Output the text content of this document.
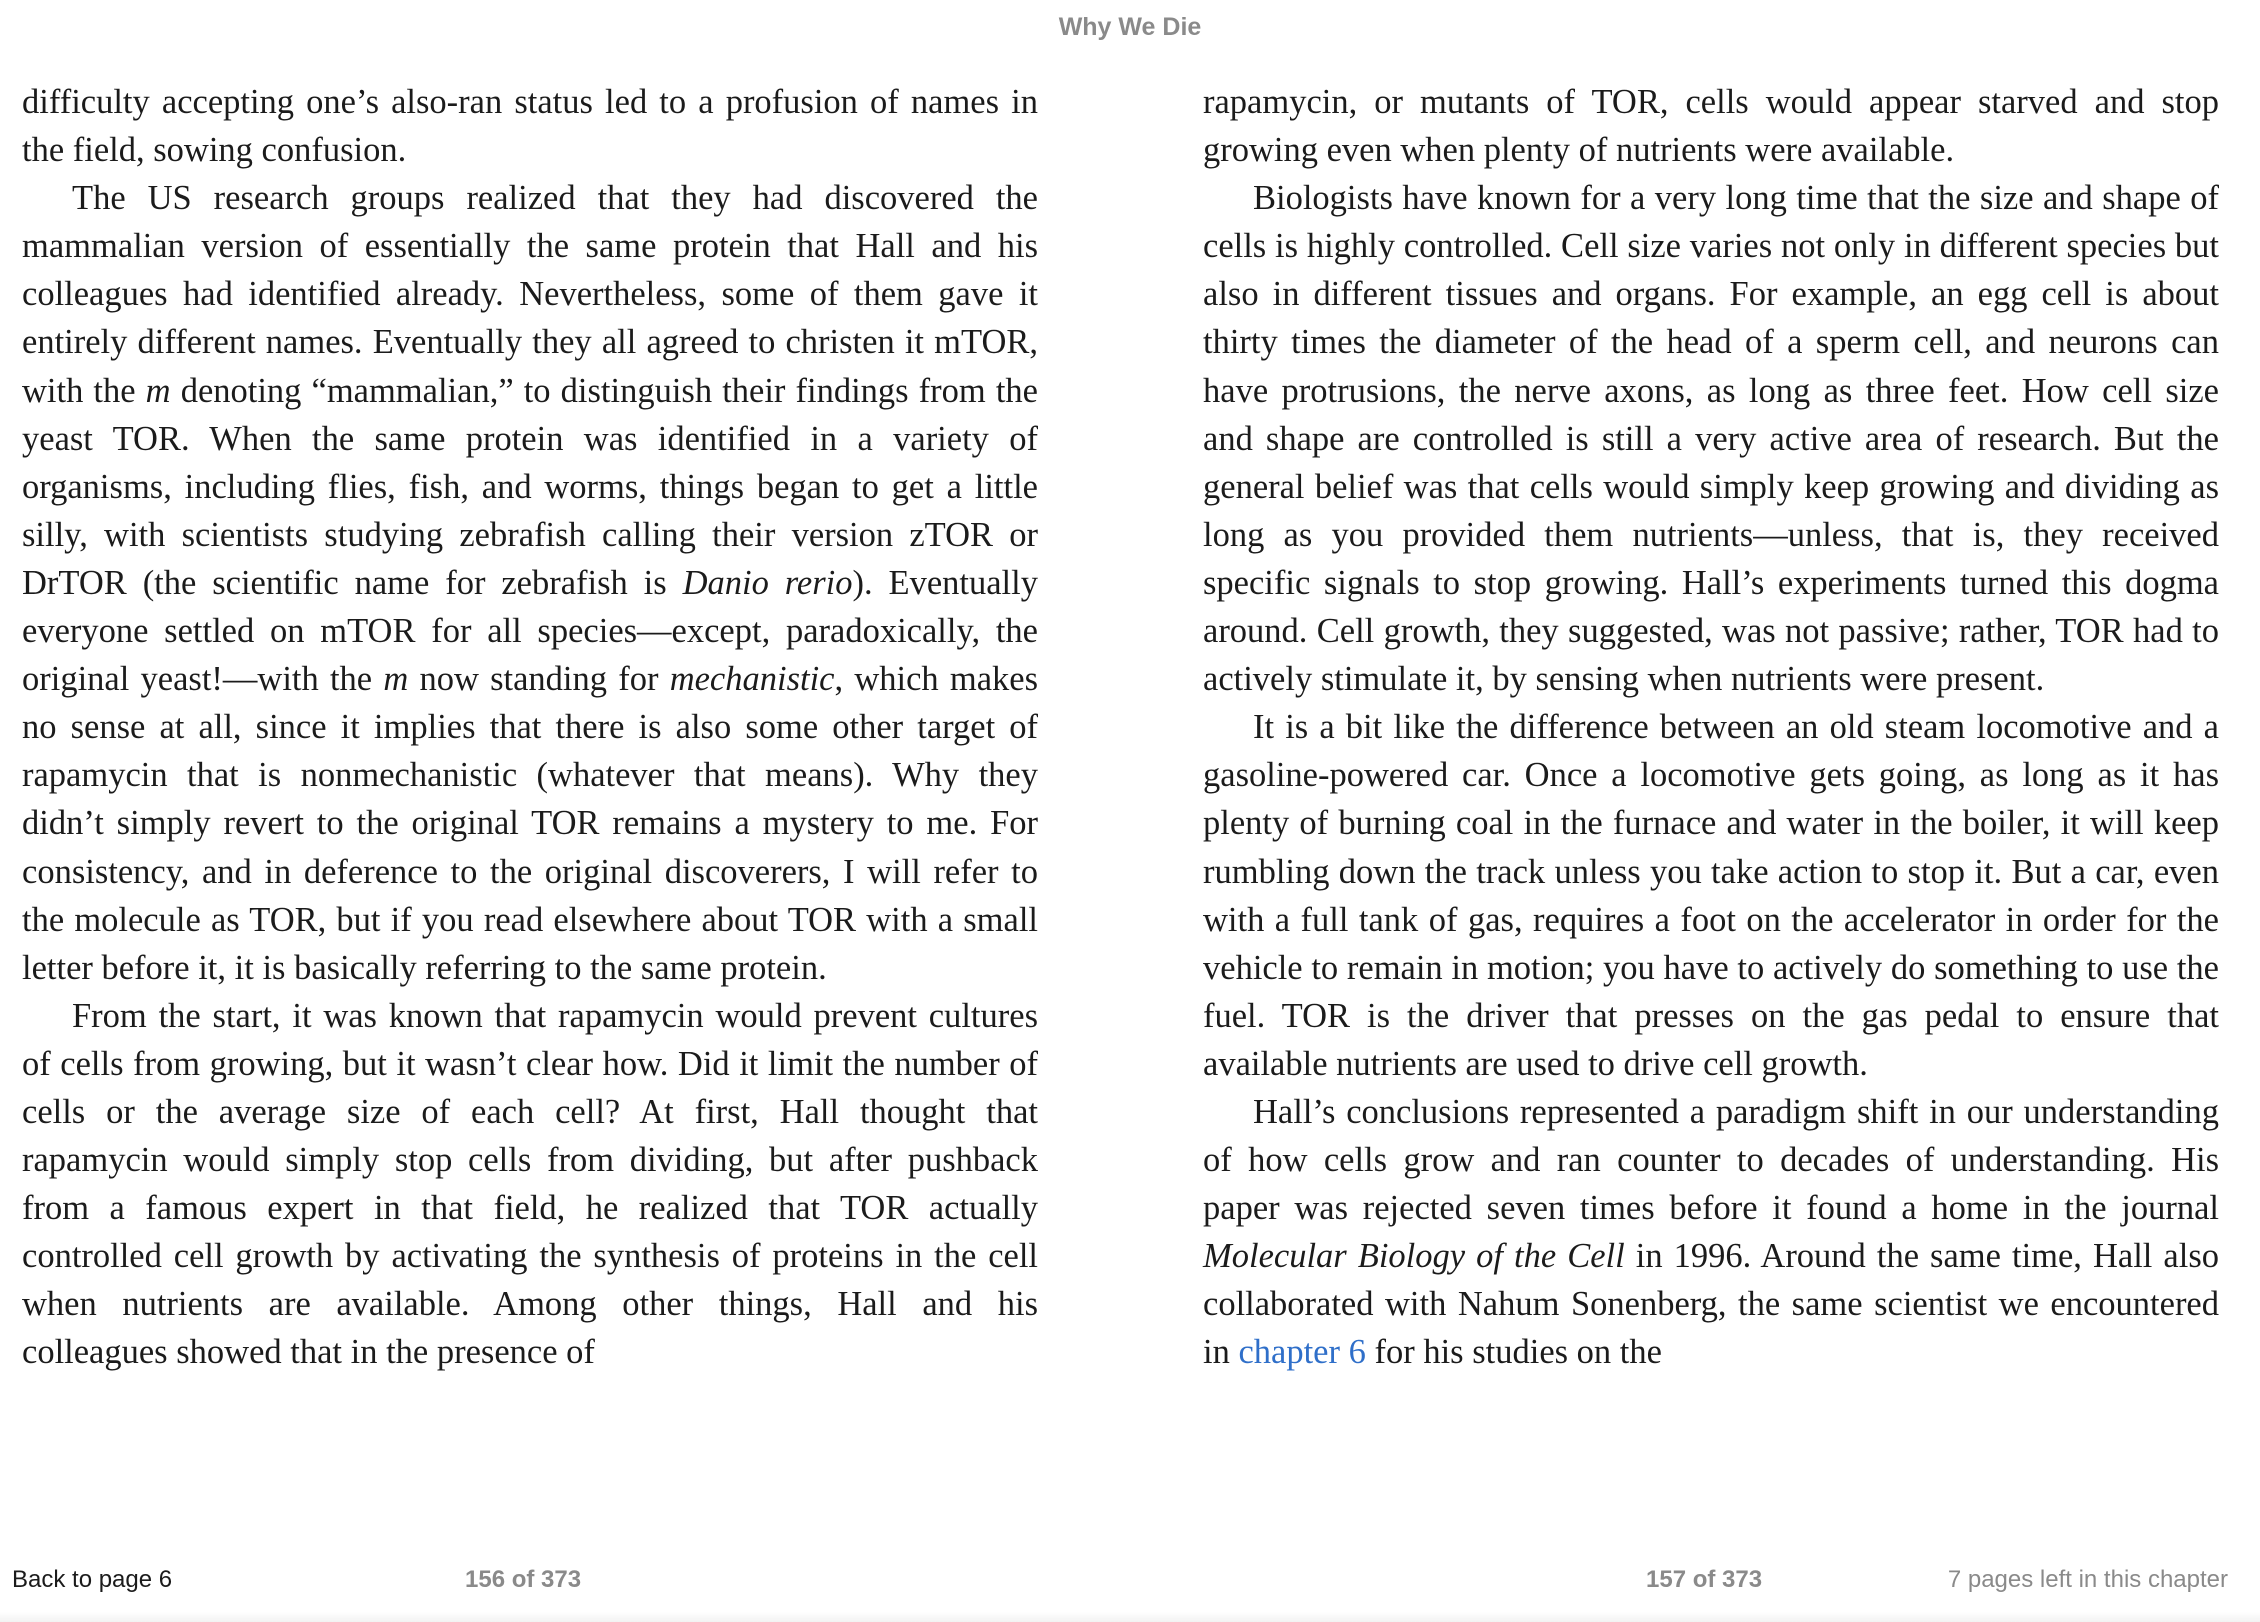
Why We Die

difficulty accepting one’s also-ran status led to a profusion of names in the field, sowing confusion.

The US research groups realized that they had discovered the mammalian version of essentially the same protein that Hall and his colleagues had identified already. Nevertheless, some of them gave it entirely different names. Eventually they all agreed to christen it mTOR, with the m denoting “mammalian,” to distinguish their findings from the yeast TOR. When the same protein was identified in a variety of organisms, including flies, fish, and worms, things began to get a little silly, with scientists studying zebrafish calling their version zTOR or DrTOR (the scientific name for zebrafish is Danio rerio). Eventually everyone settled on mTOR for all species—except, paradoxically, the original yeast!—with the m now standing for mechanistic, which makes no sense at all, since it implies that there is also some other target of rapamycin that is nonmechanistic (whatever that means). Why they didn’t simply revert to the original TOR remains a mystery to me. For consistency, and in deference to the original discoverers, I will refer to the molecule as TOR, but if you read elsewhere about TOR with a small letter before it, it is basically referring to the same protein.

From the start, it was known that rapamycin would prevent cultures of cells from growing, but it wasn’t clear how. Did it limit the number of cells or the average size of each cell? At first, Hall thought that rapamycin would simply stop cells from dividing, but after pushback from a famous expert in that field, he realized that TOR actually controlled cell growth by activating the synthesis of proteins in the cell when nutrients are available. Among other things, Hall and his colleagues showed that in the presence of

rapamycin, or mutants of TOR, cells would appear starved and stop growing even when plenty of nutrients were available.

Biologists have known for a very long time that the size and shape of cells is highly controlled. Cell size varies not only in different species but also in different tissues and organs. For example, an egg cell is about thirty times the diameter of the head of a sperm cell, and neurons can have protrusions, the nerve axons, as long as three feet. How cell size and shape are controlled is still a very active area of research. But the general belief was that cells would simply keep growing and dividing as long as you provided them nutrients—unless, that is, they received specific signals to stop growing. Hall’s experiments turned this dogma around. Cell growth, they suggested, was not passive; rather, TOR had to actively stimulate it, by sensing when nutrients were present.

It is a bit like the difference between an old steam locomotive and a gasoline-powered car. Once a locomotive gets going, as long as it has plenty of burning coal in the furnace and water in the boiler, it will keep rumbling down the track unless you take action to stop it. But a car, even with a full tank of gas, requires a foot on the accelerator in order for the vehicle to remain in motion; you have to actively do something to use the fuel. TOR is the driver that presses on the gas pedal to ensure that available nutrients are used to drive cell growth.

Hall’s conclusions represented a paradigm shift in our understanding of how cells grow and ran counter to decades of understanding. His paper was rejected seven times before it found a home in the journal Molecular Biology of the Cell in 1996. Around the same time, Hall also collaborated with Nahum Sonenberg, the same scientist we encountered in chapter 6 for his studies on the

Back to page 6	156 of 373	157 of 373	7 pages left in this chapter
